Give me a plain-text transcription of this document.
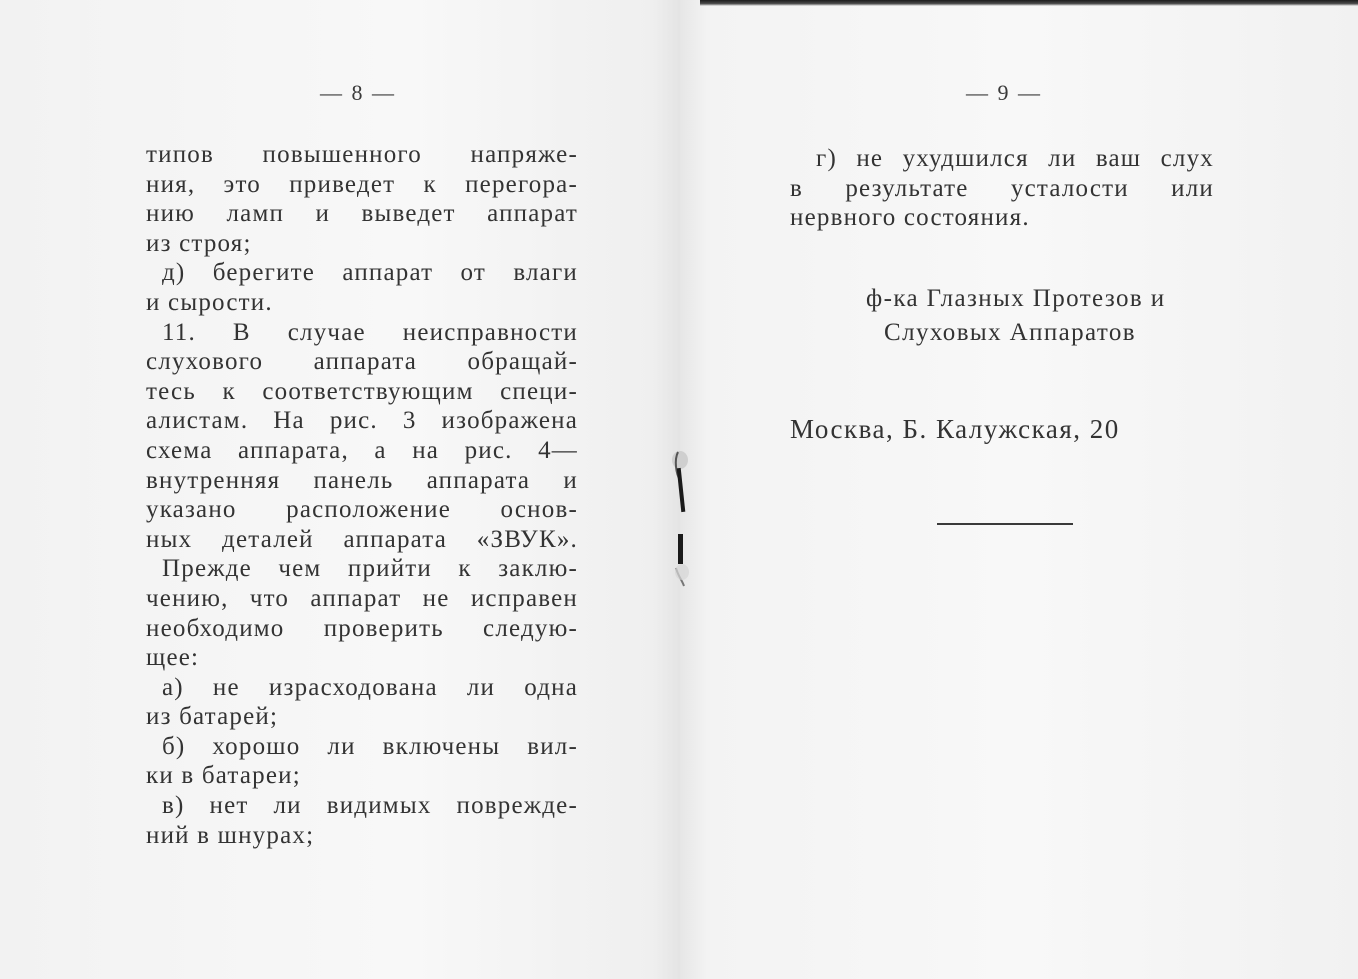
— 8 —
типов повышенного напряже-
ния, это приведет к перегора-
нию ламп и выведет аппарат
из строя;
д) берегите аппарат от влаги
и сырости.
11. В случае неисправности
слухового аппарата обращай-
тесь к соответствующим специ-
алистам. На рис. 3 изображена
схема аппарата, а на рис. 4—
внутренняя панель аппарата и
указано расположение основ-
ных деталей аппарата «ЗВУК».
Прежде чем прийти к заклю-
чению, что аппарат не исправен
необходимо проверить следую-
щее:
а) не израсходована ли одна
из батарей;
б) хорошо ли включены вил-
ки в батареи;
в) нет ли видимых поврежде-
ний в шнурах;
— 9 —
г) не ухудшился ли ваш слух
в результате усталости или
нервного состояния.
ф-ка Глазных Протезов и
Слуховых Аппаратов
Москва, Б. Калужская, 20
